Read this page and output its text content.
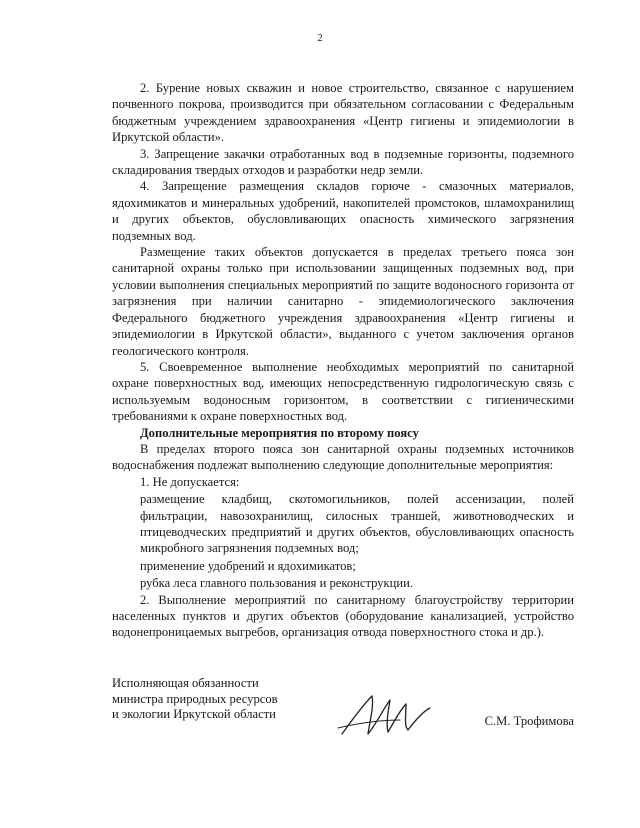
2

2. Бурение новых скважин и новое строительство, связанное с нарушением почвенного покрова, производится при обязательном согласовании с Федеральным бюджетным учреждением здравоохранения «Центр гигиены и эпидемиологии в Иркутской области».

3. Запрещение закачки отработанных вод в подземные горизонты, подземного складирования твердых отходов и разработки недр земли.

4. Запрещение размещения складов горюче - смазочных материалов, ядохимикатов и минеральных удобрений, накопителей промстоков, шламохранилищ и других объектов, обусловливающих опасность химического загрязнения подземных вод.

Размещение таких объектов допускается в пределах третьего пояса зон санитарной охраны только при использовании защищенных подземных вод, при условии выполнения специальных мероприятий по защите водоносного горизонта от загрязнения при наличии санитарно - эпидемиологического заключения Федерального бюджетного учреждения здравоохранения «Центр гигиены и эпидемиологии в Иркутской области», выданного с учетом заключения органов геологического контроля.

5. Своевременное выполнение необходимых мероприятий по санитарной охране поверхностных вод, имеющих непосредственную гидрологическую связь с используемым водоносным горизонтом, в соответствии с гигиеническими требованиями к охране поверхностных вод.

Дополнительные мероприятия по второму поясу

В пределах второго пояса зон санитарной охраны подземных источников водоснабжения подлежат выполнению следующие дополнительные мероприятия:

1. Не допускается:

размещение кладбищ, скотомогильников, полей ассенизации, полей фильтрации, навозохранилищ, силосных траншей, животноводческих и птицеводческих предприятий и других объектов, обусловливающих опасность микробного загрязнения подземных вод;

применение удобрений и ядохимикатов;

рубка леса главного пользования и реконструкции.

2. Выполнение мероприятий по санитарному благоустройству территории населенных пунктов и других объектов (оборудование канализацией, устройство водонепроницаемых выгребов, организация отвода поверхностного стока и др.).

Исполняющая обязанности
министра природных ресурсов
и экологии Иркутской области	С.М. Трофимова
